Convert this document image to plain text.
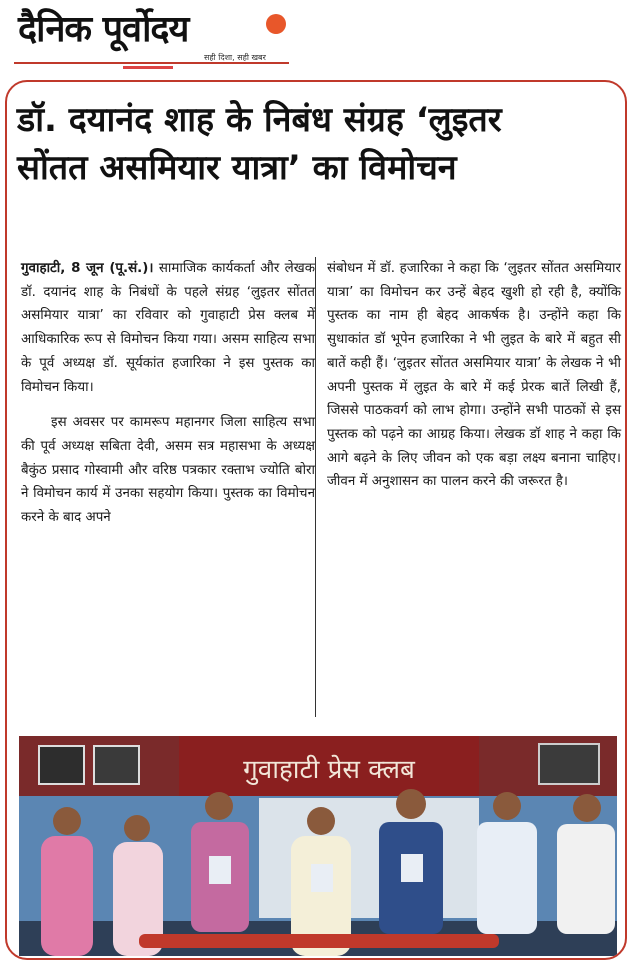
दैनिक पूर्वोदय
सही दिशा, सही खबर
डॉ. दयानंद शाह के निबंध संग्रह ‘लुइतर
सोंतत असमियार यात्रा’ का विमोचन

गुवाहाटी, 8 जून (पू.सं.)। सामाजिक कार्यकर्ता और लेखक डॉ. दयानंद शाह के निबंधों के पहले संग्रह ‘लुइतर सोंतत असमियार यात्रा’ का रविवार को गुवाहाटी प्रेस क्लब में आधिकारिक रूप से विमोचन किया गया। असम साहित्य सभा के पूर्व अध्यक्ष डॉ. सूर्यकांत हजारिका ने इस पुस्तक का विमोचन किया।

इस अवसर पर कामरूप महानगर जिला साहित्य सभा की पूर्व अध्यक्ष सबिता देवी, असम सत्र महासभा के अध्यक्ष बैकुंठ प्रसाद गोस्वामी और वरिष्ठ पत्रकार रक्ताभ ज्योति बोरा ने विमोचन कार्य में उनका सहयोग किया। पुस्तक का विमोचन करने के बाद अपने

संबोधन में डॉ. हजारिका ने कहा कि ‘लुइतर सोंतत असमियार यात्रा’ का विमोचन कर उन्हें बेहद खुशी हो रही है, क्योंकि पुस्तक का नाम ही बेहद आकर्षक है। उन्होंने कहा कि सुधाकांत डॉ भूपेन हजारिका ने भी लुइत के बारे में बहुत सी बातें कही हैं। ‘लुइतर सोंतत असमियार यात्रा’ के लेखक ने भी अपनी पुस्तक में लुइत के बारे में कई प्रेरक बातें लिखी हैं, जिससे पाठकवर्ग को लाभ होगा। उन्होंने सभी पाठकों से इस पुस्तक को पढ़ने का आग्रह किया। लेखक डॉ शाह ने कहा कि आगे बढ़ने के लिए जीवन को एक बड़ा लक्ष्य बनाना चाहिए। जीवन में अनुशासन का पालन करने की जरूरत है।

गुवाहाटी प्रेस क्लब
